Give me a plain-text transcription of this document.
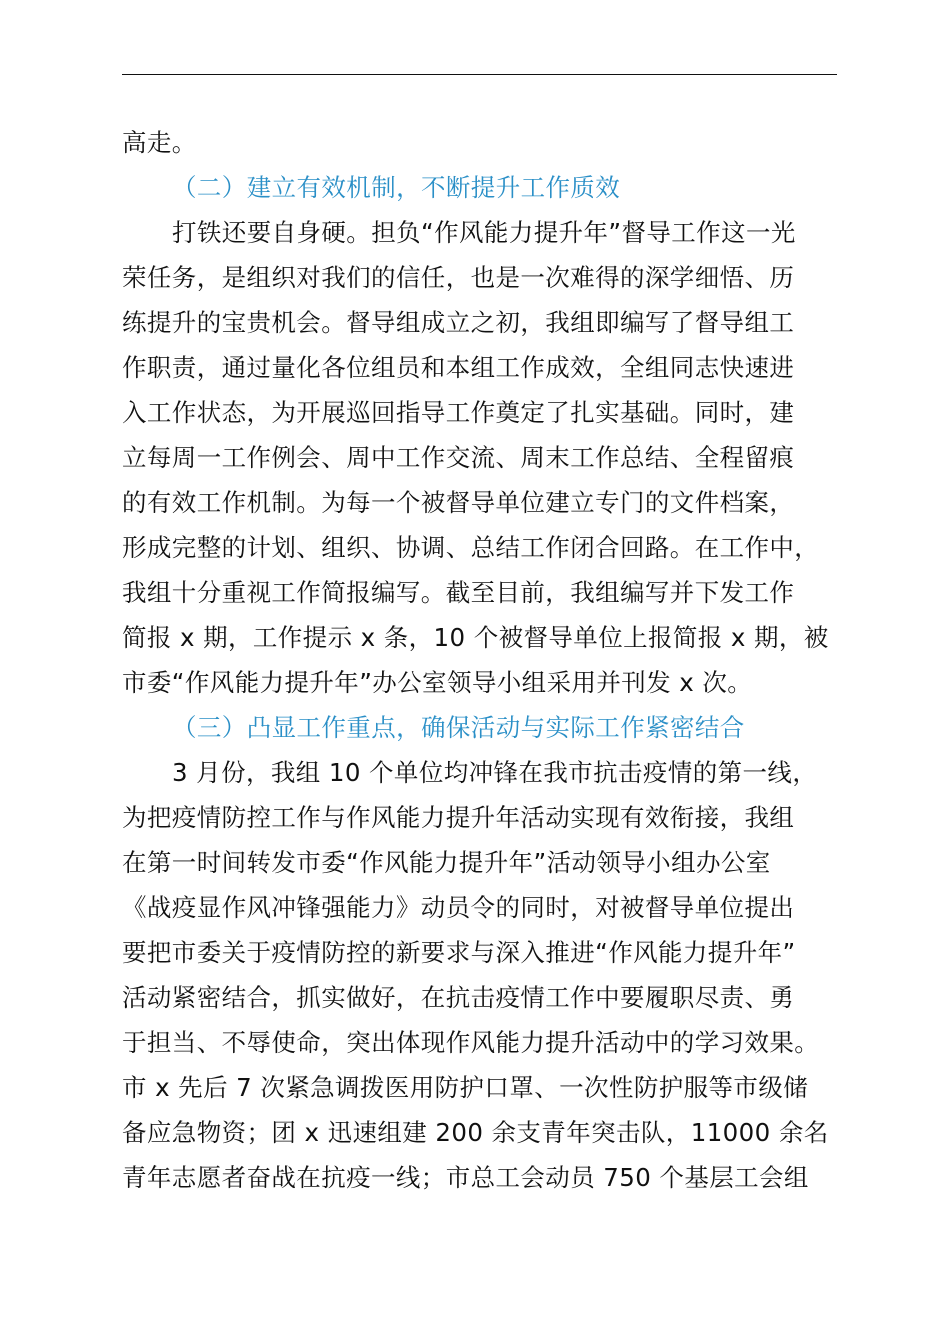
高走。
（二）建立有效机制，不断提升工作质效
打铁还要自身硬。担负“作风能力提升年”督导工作这一光
荣任务，是组织对我们的信任，也是一次难得的深学细悟、历
练提升的宝贵机会。督导组成立之初，我组即编写了督导组工
作职责，通过量化各位组员和本组工作成效，全组同志快速进
入工作状态，为开展巡回指导工作奠定了扎实基础。同时，建
立每周一工作例会、周中工作交流、周末工作总结、全程留痕
的有效工作机制。为每一个被督导单位建立专门的文件档案，
形成完整的计划、组织、协调、总结工作闭合回路。在工作中，
我组十分重视工作简报编写。截至目前，我组编写并下发工作
简报 x 期，工作提示 x 条，10 个被督导单位上报简报 x 期，被
市委“作风能力提升年”办公室领导小组采用并刊发 x 次。
（三）凸显工作重点，确保活动与实际工作紧密结合
3 月份，我组 10 个单位均冲锋在我市抗击疫情的第一线，
为把疫情防控工作与作风能力提升年活动实现有效衔接，我组
在第一时间转发市委“作风能力提升年”活动领导小组办公室
《战疫显作风冲锋强能力》动员令的同时，对被督导单位提出
要把市委关于疫情防控的新要求与深入推进“作风能力提升年”
活动紧密结合，抓实做好，在抗击疫情工作中要履职尽责、勇
于担当、不辱使命，突出体现作风能力提升活动中的学习效果。
市 x 先后 7 次紧急调拨医用防护口罩、一次性防护服等市级储
备应急物资；团 x 迅速组建 200 余支青年突击队，11000 余名
青年志愿者奋战在抗疫一线；市总工会动员 750 个基层工会组
